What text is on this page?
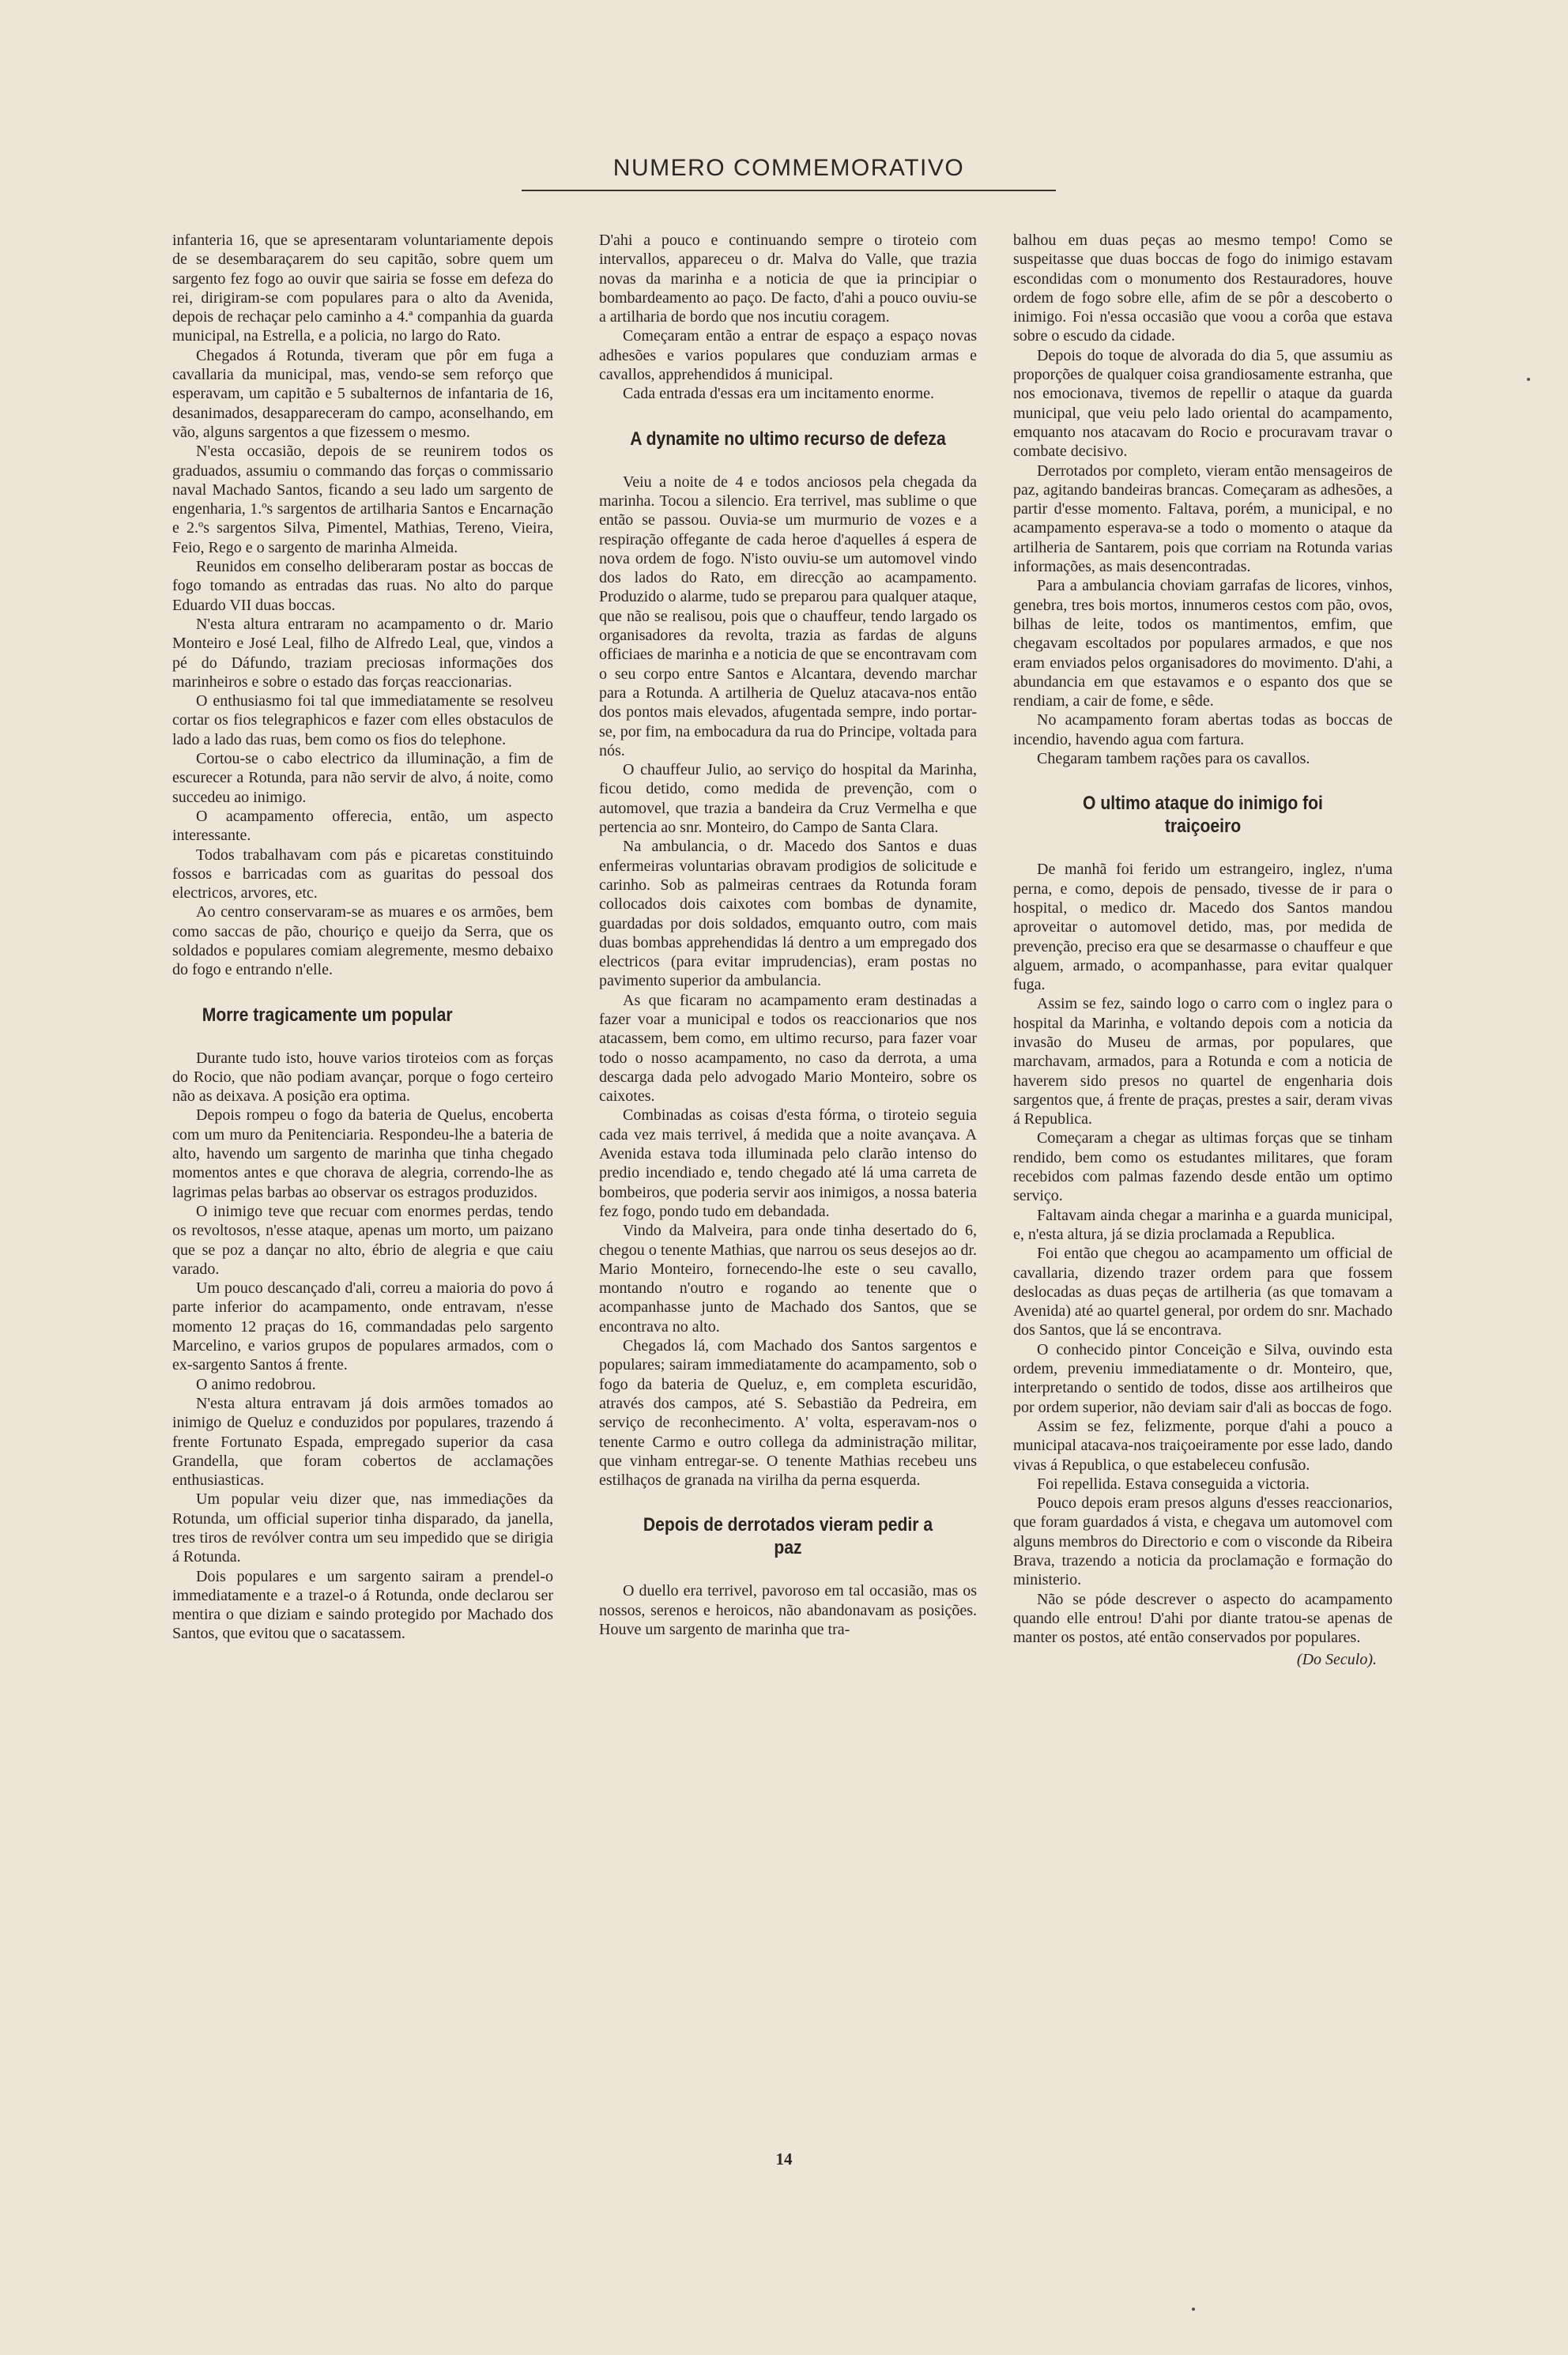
NUMERO COMMEMORATIVO

infanteria 16, que se apresentaram voluntariamente depois de se desembaraçarem do seu capitão, sobre quem um sargento fez fogo ao ouvir que sairia se fosse em defeza do rei, dirigiram-se com populares para o alto da Avenida, depois de rechaçar pelo caminho a 4.ª companhia da guarda municipal, na Estrella, e a policia, no largo do Rato.

Chegados á Rotunda, tiveram que pôr em fuga a cavallaria da municipal, mas, vendo-se sem reforço que esperavam, um capitão e 5 subalternos de infantaria de 16, desanimados, desappareceram do campo, aconselhando, em vão, alguns sargentos a que fizessem o mesmo.

N'esta occasião, depois de se reunirem todos os graduados, assumiu o commando das forças o commissario naval Machado Santos, ficando a seu lado um sargento de engenharia, 1.ºs sargentos de artilharia Santos e Encarnação e 2.ºs sargentos Silva, Pimentel, Mathias, Tereno, Vieira, Feio, Rego e o sargento de marinha Almeida.

Reunidos em conselho deliberaram postar as boccas de fogo tomando as entradas das ruas. No alto do parque Eduardo VII duas boccas.

N'esta altura entraram no acampamento o dr. Mario Monteiro e José Leal, filho de Alfredo Leal, que, vindos a pé do Dáfundo, traziam preciosas informações dos marinheiros e sobre o estado das forças reaccionarias.

O enthusiasmo foi tal que immediatamente se resolveu cortar os fios telegraphicos e fazer com elles obstaculos de lado a lado das ruas, bem como os fios do telephone.

Cortou-se o cabo electrico da illuminação, a fim de escurecer a Rotunda, para não servir de alvo, á noite, como succedeu ao inimigo.

O acampamento offerecia, então, um aspecto interessante.

Todos trabalhavam com pás e picaretas constituindo fossos e barricadas com as guaritas do pessoal dos electricos, arvores, etc.

Ao centro conservaram-se as muares e os armões, bem como saccas de pão, chouriço e queijo da Serra, que os soldados e populares comiam alegremente, mesmo debaixo do fogo e entrando n'elle.

Morre tragicamente um popular

Durante tudo isto, houve varios tiroteios com as forças do Rocio, que não podiam avançar, porque o fogo certeiro não as deixava. A posição era optima.

Depois rompeu o fogo da bateria de Quelus, encoberta com um muro da Penitenciaria. Respondeu-lhe a bateria de alto, havendo um sargento de marinha que tinha chegado momentos antes e que chorava de alegria, correndo-lhe as lagrimas pelas barbas ao observar os estragos produzidos.

O inimigo teve que recuar com enormes perdas, tendo os revoltosos, n'esse ataque, apenas um morto, um paizano que se poz a dançar no alto, ébrio de alegria e que caiu varado.

Um pouco descançado d'ali, correu a maioria do povo á parte inferior do acampamento, onde entravam, n'esse momento 12 praças do 16, commandadas pelo sargento Marcelino, e varios grupos de populares armados, com o ex-sargento Santos á frente.

O animo redobrou.

N'esta altura entravam já dois armões tomados ao inimigo de Queluz e conduzidos por populares, trazendo á frente Fortunato Espada, empregado superior da casa Grandella, que foram cobertos de acclamações enthusiasticas.

Um popular veiu dizer que, nas immediações da Rotunda, um official superior tinha disparado, da janella, tres tiros de revólver contra um seu impedido que se dirigia á Rotunda.

Dois populares e um sargento sairam a prendel-o immediatamente e a trazel-o á Rotunda, onde declarou ser mentira o que diziam e saindo protegido por Machado dos Santos, que evitou que o sacatassem.

D'ahi a pouco e continuando sempre o tiroteio com intervallos, appareceu o dr. Malva do Valle, que trazia novas da marinha e a noticia de que ia principiar o bombardeamento ao paço. De facto, d'ahi a pouco ouviu-se a artilharia de bordo que nos incutiu coragem.

Começaram então a entrar de espaço a espaço novas adhesões e varios populares que conduziam armas e cavallos, apprehendidos á municipal.

Cada entrada d'essas era um incitamento enorme.

A dynamite no ultimo recurso de defeza

Veiu a noite de 4 e todos anciosos pela chegada da marinha. Tocou a silencio. Era terrivel, mas sublime o que então se passou. Ouvia-se um murmurio de vozes e a respiração offegante de cada heroe d'aquelles á espera de nova ordem de fogo. N'isto ouviu-se um automovel vindo dos lados do Rato, em direcção ao acampamento. Produzido o alarme, tudo se preparou para qualquer ataque, que não se realisou, pois que o chauffeur, tendo largado os organisadores da revolta, trazia as fardas de alguns officiaes de marinha e a noticia de que se encontravam com o seu corpo entre Santos e Alcantara, devendo marchar para a Rotunda. A artilheria de Queluz atacava-nos então dos pontos mais elevados, afugentada sempre, indo portar-se, por fim, na embocadura da rua do Principe, voltada para nós.

O chauffeur Julio, ao serviço do hospital da Marinha, ficou detido, como medida de prevenção, com o automovel, que trazia a bandeira da Cruz Vermelha e que pertencia ao snr. Monteiro, do Campo de Santa Clara.

Na ambulancia, o dr. Macedo dos Santos e duas enfermeiras voluntarias obravam prodigios de solicitude e carinho. Sob as palmeiras centraes da Rotunda foram collocados dois caixotes com bombas de dynamite, guardadas por dois soldados, emquanto outro, com mais duas bombas apprehendidas lá dentro a um empregado dos electricos (para evitar imprudencias), eram postas no pavimento superior da ambulancia.

As que ficaram no acampamento eram destinadas a fazer voar a municipal e todos os reaccionarios que nos atacassem, bem como, em ultimo recurso, para fazer voar todo o nosso acampamento, no caso da derrota, a uma descarga dada pelo advogado Mario Monteiro, sobre os caixotes.

Combinadas as coisas d'esta fórma, o tiroteio seguia cada vez mais terrivel, á medida que a noite avançava. A Avenida estava toda illuminada pelo clarão intenso do predio incendiado e, tendo chegado até lá uma carreta de bombeiros, que poderia servir aos inimigos, a nossa bateria fez fogo, pondo tudo em debandada.

Vindo da Malveira, para onde tinha desertado do 6, chegou o tenente Mathias, que narrou os seus desejos ao dr. Mario Monteiro, fornecendo-lhe este o seu cavallo, montando n'outro e rogando ao tenente que o acompanhasse junto de Machado dos Santos, que se encontrava no alto.

Chegados lá, com Machado dos Santos sargentos e populares; sairam immediatamente do acampamento, sob o fogo da bateria de Queluz, e, em completa escuridão, através dos campos, até S. Sebastião da Pedreira, em serviço de reconhecimento. A' volta, esperavam-nos o tenente Carmo e outro collega da administração militar, que vinham entregar-se. O tenente Mathias recebeu uns estilhaços de granada na virilha da perna esquerda.

Depois de derrotados vieram pedir a paz

O duello era terrivel, pavoroso em tal occasião, mas os nossos, serenos e heroicos, não abandonavam as posições. Houve um sargento de marinha que tra-

balhou em duas peças ao mesmo tempo! Como se suspeitasse que duas boccas de fogo do inimigo estavam escondidas com o monumento dos Restauradores, houve ordem de fogo sobre elle, afim de se pôr a descoberto o inimigo. Foi n'essa occasião que voou a corôa que estava sobre o escudo da cidade.

Depois do toque de alvorada do dia 5, que assumiu as proporções de qualquer coisa grandiosamente estranha, que nos emocionava, tivemos de repellir o ataque da guarda municipal, que veiu pelo lado oriental do acampamento, emquanto nos atacavam do Rocio e procuravam travar o combate decisivo.

Derrotados por completo, vieram então mensageiros de paz, agitando bandeiras brancas. Começaram as adhesões, a partir d'esse momento. Faltava, porém, a municipal, e no acampamento esperava-se a todo o momento o ataque da artilheria de Santarem, pois que corriam na Rotunda varias informações, as mais desencontradas.

Para a ambulancia choviam garrafas de licores, vinhos, genebra, tres bois mortos, innumeros cestos com pão, ovos, bilhas de leite, todos os mantimentos, emfim, que chegavam escoltados por populares armados, e que nos eram enviados pelos organisadores do movimento. D'ahi, a abundancia em que estavamos e o espanto dos que se rendiam, a cair de fome, e sêde.

No acampamento foram abertas todas as boccas de incendio, havendo agua com fartura.

Chegaram tambem rações para os cavallos.

O ultimo ataque do inimigo foi traiçoeiro

De manhã foi ferido um estrangeiro, inglez, n'uma perna, e como, depois de pensado, tivesse de ir para o hospital, o medico dr. Macedo dos Santos mandou aproveitar o automovel detido, mas, por medida de prevenção, preciso era que se desarmasse o chauffeur e que alguem, armado, o acompanhasse, para evitar qualquer fuga.

Assim se fez, saindo logo o carro com o inglez para o hospital da Marinha, e voltando depois com a noticia da invasão do Museu de armas, por populares, que marchavam, armados, para a Rotunda e com a noticia de haverem sido presos no quartel de engenharia dois sargentos que, á frente de praças, prestes a sair, deram vivas á Republica.

Começaram a chegar as ultimas forças que se tinham rendido, bem como os estudantes militares, que foram recebidos com palmas fazendo desde então um optimo serviço.

Faltavam ainda chegar a marinha e a guarda municipal, e, n'esta altura, já se dizia proclamada a Republica.

Foi então que chegou ao acampamento um official de cavallaria, dizendo trazer ordem para que fossem deslocadas as duas peças de artilheria (as que tomavam a Avenida) até ao quartel general, por ordem do snr. Machado dos Santos, que lá se encontrava.

O conhecido pintor Conceição e Silva, ouvindo esta ordem, preveniu immediatamente o dr. Monteiro, que, interpretando o sentido de todos, disse aos artilheiros que por ordem superior, não deviam sair d'ali as boccas de fogo.

Assim se fez, felizmente, porque d'ahi a pouco a municipal atacava-nos traiçoeiramente por esse lado, dando vivas á Republica, o que estabeleceu confusão.

Foi repellida. Estava conseguida a victoria.

Pouco depois eram presos alguns d'esses reaccionarios, que foram guardados á vista, e chegava um automovel com alguns membros do Directorio e com o visconde da Ribeira Brava, trazendo a noticia da proclamação e formação do ministerio.

Não se póde descrever o aspecto do acampamento quando elle entrou! D'ahi por diante tratou-se apenas de manter os postos, até então conservados por populares.

(Do Seculo).
14
